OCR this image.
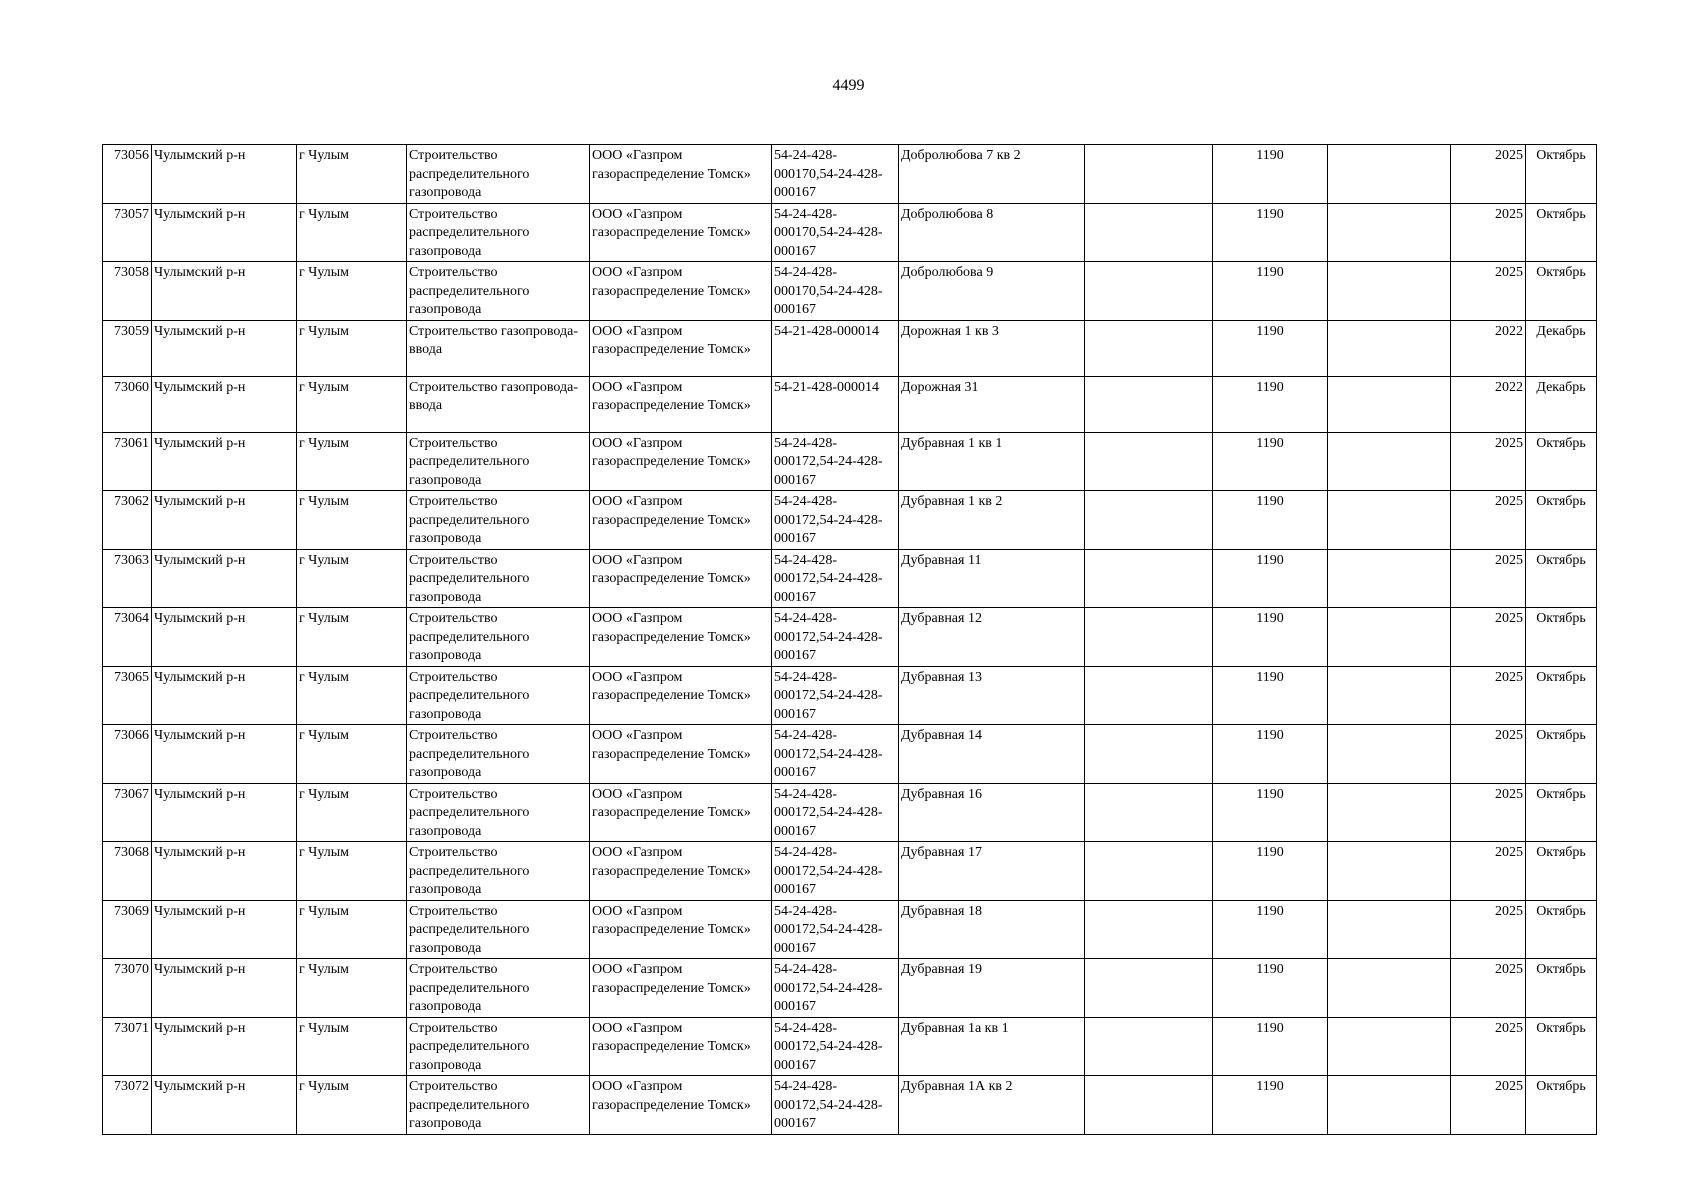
4499
73056	Чулымский р-н	г Чулым	Строительство распределительного газопровода	ООО «Газпром газораспределение Томск»	54-24-428-000170,54-24-428-000167	Добролюбова 7 кв 2		1190		2025	Октябрь
73057	Чулымский р-н	г Чулым	Строительство распределительного газопровода	ООО «Газпром газораспределение Томск»	54-24-428-000170,54-24-428-000167	Добролюбова 8		1190		2025	Октябрь
73058	Чулымский р-н	г Чулым	Строительство распределительного газопровода	ООО «Газпром газораспределение Томск»	54-24-428-000170,54-24-428-000167	Добролюбова 9		1190		2025	Октябрь
73059	Чулымский р-н	г Чулым	Строительство газопровода-ввода	ООО «Газпром газораспределение Томск»	54-21-428-000014	Дорожная 1 кв 3		1190		2022	Декабрь
73060	Чулымский р-н	г Чулым	Строительство газопровода-ввода	ООО «Газпром газораспределение Томск»	54-21-428-000014	Дорожная 31		1190		2022	Декабрь
73061	Чулымский р-н	г Чулым	Строительство распределительного газопровода	ООО «Газпром газораспределение Томск»	54-24-428-000172,54-24-428-000167	Дубравная 1 кв 1		1190		2025	Октябрь
73062	Чулымский р-н	г Чулым	Строительство распределительного газопровода	ООО «Газпром газораспределение Томск»	54-24-428-000172,54-24-428-000167	Дубравная 1 кв 2		1190		2025	Октябрь
73063	Чулымский р-н	г Чулым	Строительство распределительного газопровода	ООО «Газпром газораспределение Томск»	54-24-428-000172,54-24-428-000167	Дубравная 11		1190		2025	Октябрь
73064	Чулымский р-н	г Чулым	Строительство распределительного газопровода	ООО «Газпром газораспределение Томск»	54-24-428-000172,54-24-428-000167	Дубравная 12		1190		2025	Октябрь
73065	Чулымский р-н	г Чулым	Строительство распределительного газопровода	ООО «Газпром газораспределение Томск»	54-24-428-000172,54-24-428-000167	Дубравная 13		1190		2025	Октябрь
73066	Чулымский р-н	г Чулым	Строительство распределительного газопровода	ООО «Газпром газораспределение Томск»	54-24-428-000172,54-24-428-000167	Дубравная 14		1190		2025	Октябрь
73067	Чулымский р-н	г Чулым	Строительство распределительного газопровода	ООО «Газпром газораспределение Томск»	54-24-428-000172,54-24-428-000167	Дубравная 16		1190		2025	Октябрь
73068	Чулымский р-н	г Чулым	Строительство распределительного газопровода	ООО «Газпром газораспределение Томск»	54-24-428-000172,54-24-428-000167	Дубравная 17		1190		2025	Октябрь
73069	Чулымский р-н	г Чулым	Строительство распределительного газопровода	ООО «Газпром газораспределение Томск»	54-24-428-000172,54-24-428-000167	Дубравная 18		1190		2025	Октябрь
73070	Чулымский р-н	г Чулым	Строительство распределительного газопровода	ООО «Газпром газораспределение Томск»	54-24-428-000172,54-24-428-000167	Дубравная 19		1190		2025	Октябрь
73071	Чулымский р-н	г Чулым	Строительство распределительного газопровода	ООО «Газпром газораспределение Томск»	54-24-428-000172,54-24-428-000167	Дубравная 1а кв 1		1190		2025	Октябрь
73072	Чулымский р-н	г Чулым	Строительство распределительного газопровода	ООО «Газпром газораспределение Томск»	54-24-428-000172,54-24-428-000167	Дубравная 1А кв 2		1190		2025	Октябрь
